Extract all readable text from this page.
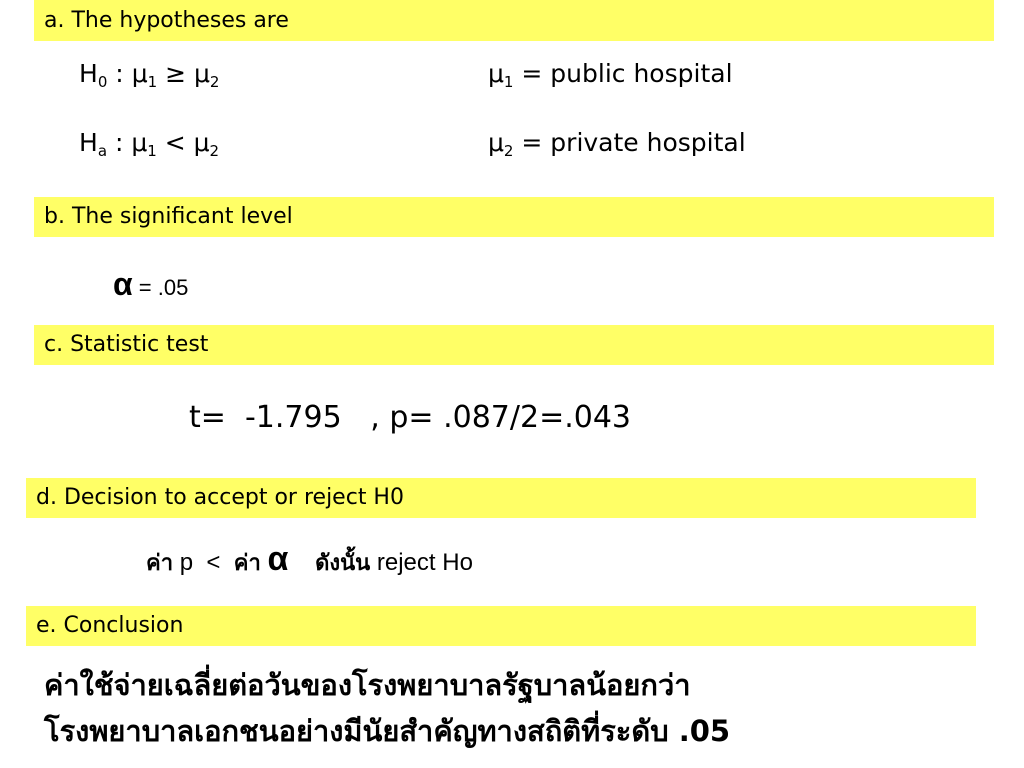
a. The hypotheses are
$H_0$ : $\mu_1 \ge \mu_2$	$\mu_1$ = public hospital
$H_a$ : $\mu_1 < \mu_2$	$\mu_2$ = private hospital
b. The significant level
α = .05
c. Statistic test
t=  -1.795   , p= .087/2=.043
d. Decision to accept or reject H0
ค่า p  <  ค่า α ดังนั้น reject Ho
e. Conclusion
ค่าใช้จ่ายเฉลี่ยต่อวันของโรงพยาบาลรัฐบาลน้อยกว่า
โรงพยาบาลเอกชนอย่างมีนัยสำคัญทางสถิติที่ระดับ .05
